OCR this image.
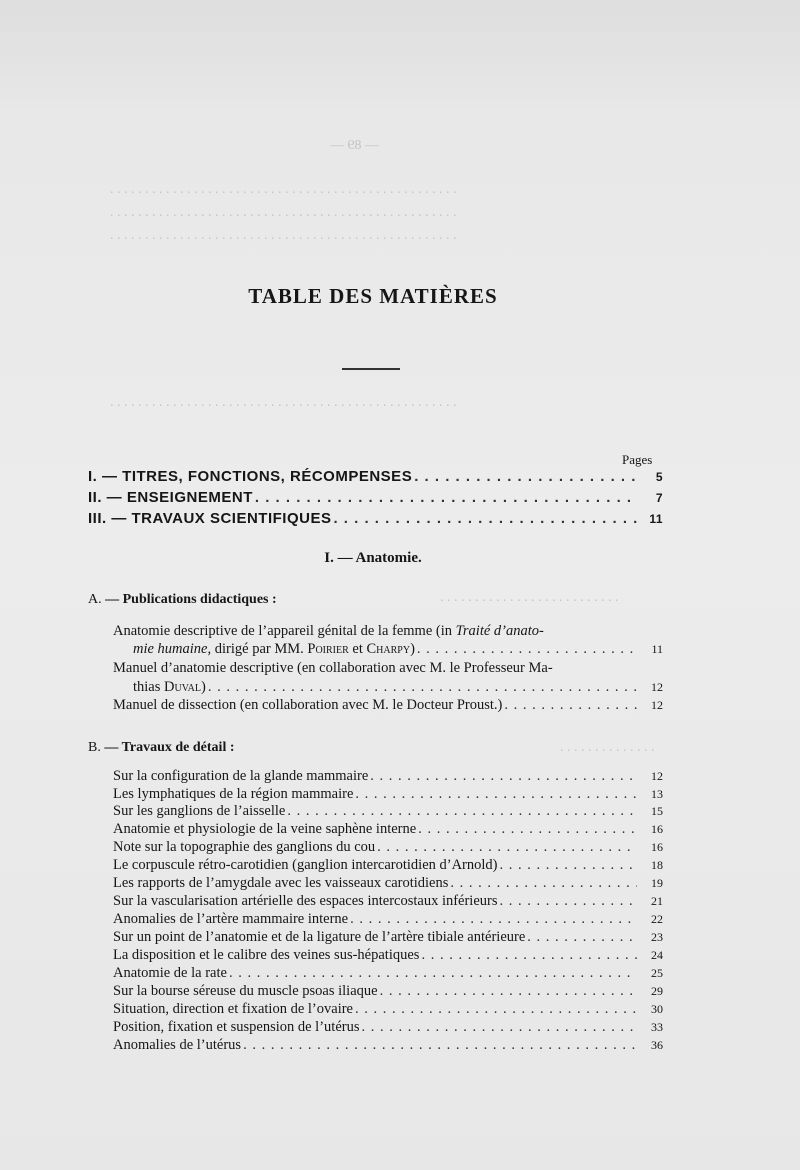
— 89 —
. . . . . . . . . . . . . . . . . . . . . . . . . . . . . . . . . . . . . . . . . . . . . . . . . .
. . . . . . . . . . . . . . . . . . . . . . . . . . . . . . . . . . . . . . . . . . . . . . . . . .
. . . . . . . . . . . . . . . . . . . . . . . . . . . . . . . . . . . . . . . . . . . . . . . . . .
. . . . . . . . . . . . . . . . . . . . . . . . . . . . . . . . . . . . . . . . . . . . . . . . . .
. . . . . . . . . . . . . . . . . . . . . . . . . .
. . . . . . . . . . . . . .
TABLE DES MATIÈRES
Pages
I. — TITRES, FONCTIONS, RÉCOMPENSES . . .	5
II. — ENSEIGNEMENT . . .	7
III. — TRAVAUX SCIENTIFIQUES . . .	11
I. — Anatomie.
A. — Publications didactiques :
Anatomie descriptive de l’appareil génital de la femme (in Traité d’anato-
mie humaine, dirigé par MM. Poirier et Charpy) . . .	11
Manuel d’anatomie descriptive (en collaboration avec M. le Professeur Ma-
thias Duval) . . .	12
Manuel de dissection (en collaboration avec M. le Docteur Proust.) . . .	12
B. — Travaux de détail :
Sur la configuration de la glande mammaire . . .	12
Les lymphatiques de la région mammaire . . .	13
Sur les ganglions de l’aisselle . . .	15
Anatomie et physiologie de la veine saphène interne . . .	16
Note sur la topographie des ganglions du cou . . .	16
Le corpuscule rétro-carotidien (ganglion intercarotidien d’Arnold) . . .	18
Les rapports de l’amygdale avec les vaisseaux carotidiens . . .	19
Sur la vascularisation artérielle des espaces intercostaux inférieurs . . .	21
Anomalies de l’artère mammaire interne . . .	22
Sur un point de l’anatomie et de la ligature de l’artère tibiale antérieure . . .	23
La disposition et le calibre des veines sus-hépatiques . . .	24
Anatomie de la rate . . .	25
Sur la bourse séreuse du muscle psoas iliaque . . .	29
Situation, direction et fixation de l’ovaire . . .	30
Position, fixation et suspension de l’utérus . . .	33
Anomalies de l’utérus . . .	36
